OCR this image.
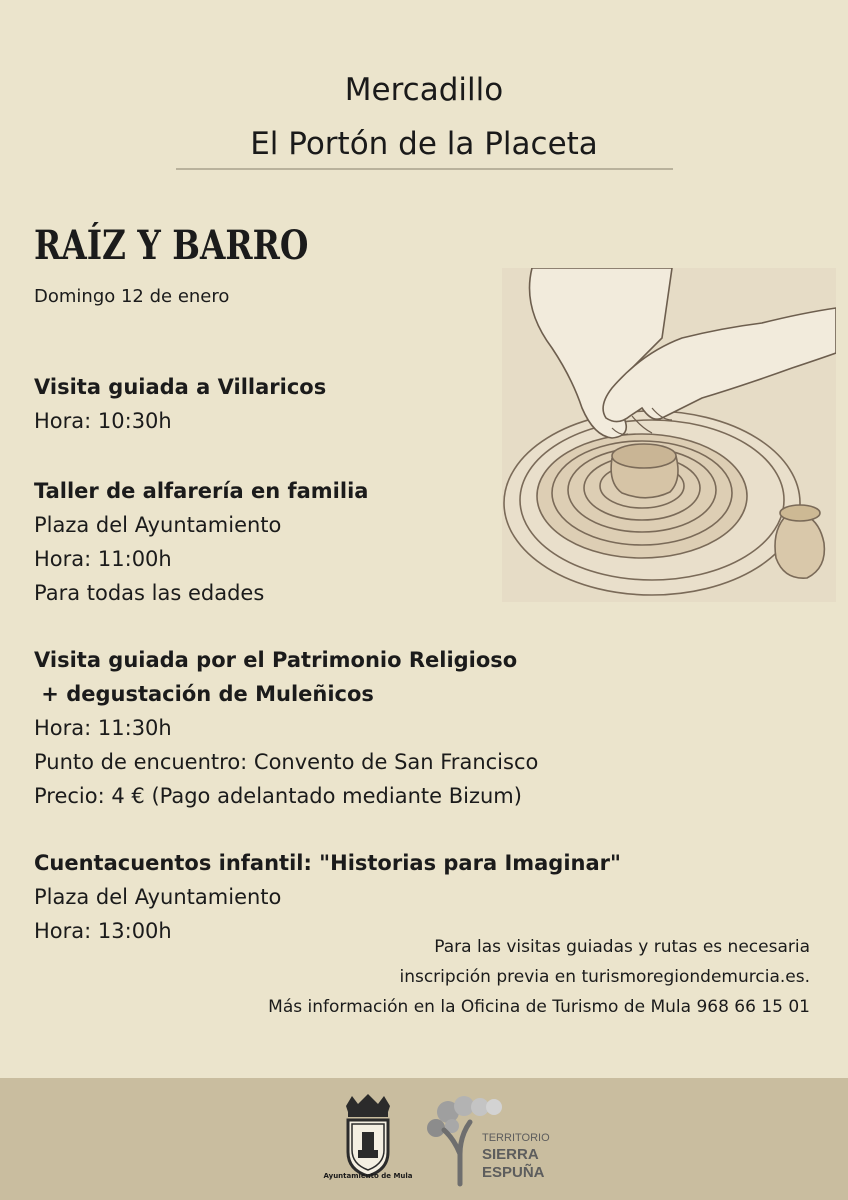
Mercadillo
El Portón de la Placeta
RAÍZ Y BARRO
Domingo 12 de enero
Visita guiada a Villaricos
Hora: 10:30h
Taller de alfarería en familia
Plaza del Ayuntamiento
Hora: 11:00h
Para todas las edades
Visita guiada por el Patrimonio Religioso
+ degustación de Muleñicos
Hora: 11:30h
Punto de encuentro: Convento de San Francisco
Precio: 4 € (Pago adelantado mediante Bizum)
Cuentacuentos infantil: "Historias para Imaginar"
Plaza del Ayuntamiento
Hora: 13:00h
Para las visitas guiadas y rutas es necesaria
inscripción previa en turismoregiondemurcia.es.
Más información en la Oficina de Turismo de Mula 968 66 15 01
Ayuntamiento de Mula
TERRITORIO
SIERRA
ESPUÑA
